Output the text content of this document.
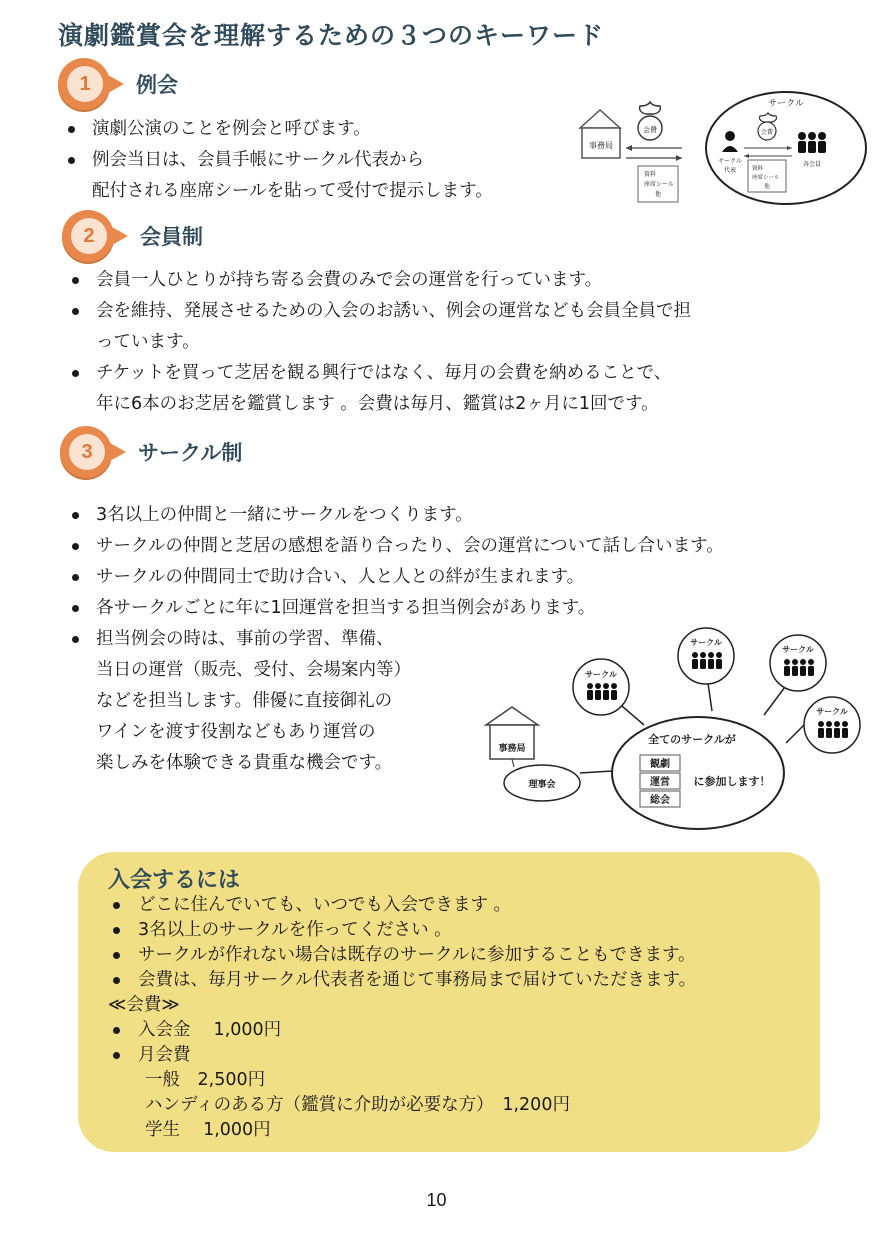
演劇鑑賞会を理解するための３つのキーワード
1	例会
演劇公演のことを例会と呼びます。
例会当日は、会員手帳にサークル代表から
配付される座席シールを貼って受付で提示します。
事務局
会費
資料
座席シール
他
サークル
会費
サークル
代表
各会員
資料
座席シール
他
2	会員制
会員一人ひとりが持ち寄る会費のみで会の運営を行っています。
会を維持、発展させるための入会のお誘い、例会の運営なども会員全員で担
っています。
チケットを買って芝居を観る興行ではなく、毎月の会費を納めることで、
年に6本のお芝居を鑑賞します 。会費は毎月、鑑賞は2ヶ月に1回です。
3	サークル制
3名以上の仲間と一緒にサークルをつくります。
サークルの仲間と芝居の感想を語り合ったり、会の運営について話し合います。
サークルの仲間同士で助け合い、人と人との絆が生まれます。
各サークルごとに年に1回運営を担当する担当例会があります。
担当例会の時は、事前の学習、準備、
当日の運営（販売、受付、会場案内等）
などを担当します。俳優に直接御礼の
ワインを渡す役割などもあり運営の
楽しみを体験できる貴重な機会です。
サークル
サークル
サークル
サークル
事務局
理事会
全てのサークルが
観劇
運営
総会
に参加します！
入会するには
どこに住んでいても、いつでも入会できます 。
3名以上のサークルを作ってください 。
サークルが作れない場合は既存のサークルに参加することもできます。
会費は、毎月サークル代表者を通じて事務局まで届けていただきます。
≪会費≫
入会金　 1,000円
月会費
一般　2,500円
ハンディのある方（鑑賞に介助が必要な方）　1,200円
学生　 1,000円
10
